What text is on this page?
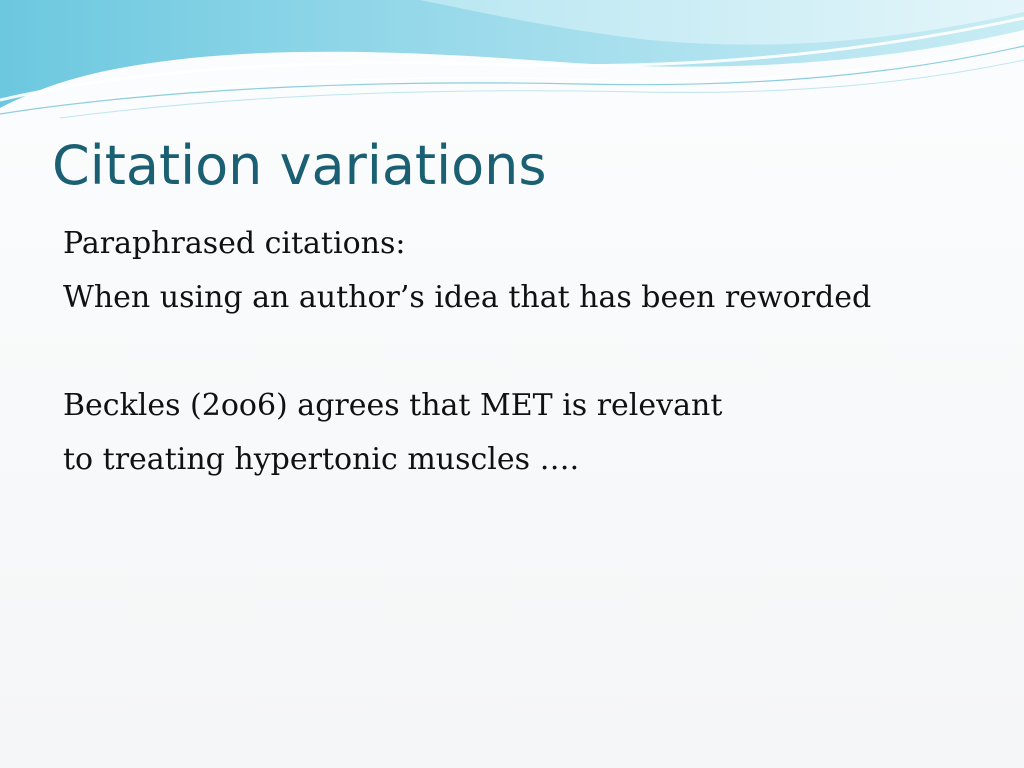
Citation variations
Paraphrased citations:
When using an author’s idea that has been reworded
Beckles (2oo6) agrees that MET is relevant
to treating hypertonic muscles ….
